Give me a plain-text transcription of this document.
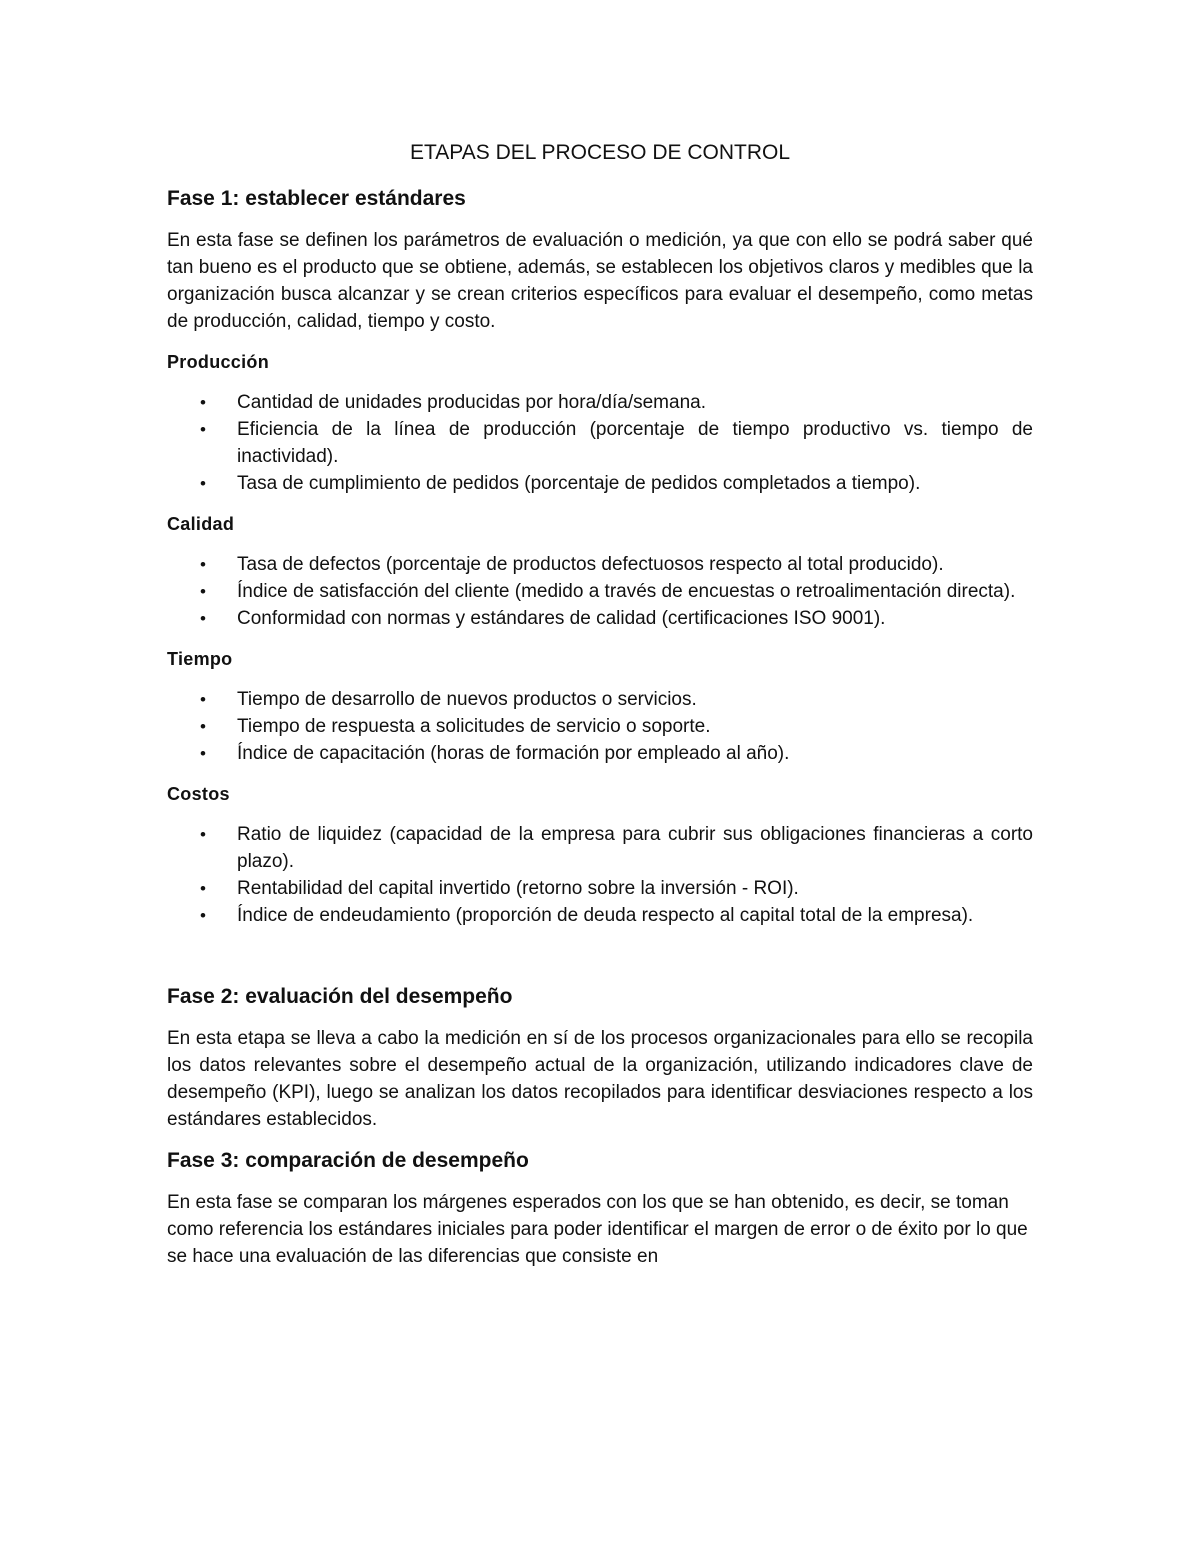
ETAPAS DEL PROCESO DE CONTROL
Fase 1: establecer estándares

En esta fase se definen los parámetros de evaluación o medición, ya que con ello se podrá saber qué tan bueno es el producto que se obtiene, además, se establecen los objetivos claros y medibles que la organización busca alcanzar y se crean criterios específicos para evaluar el desempeño, como metas de producción, calidad, tiempo y costo.

Producción
• Cantidad de unidades producidas por hora/día/semana.
• Eficiencia de la línea de producción (porcentaje de tiempo productivo vs. tiempo de inactividad).
• Tasa de cumplimiento de pedidos (porcentaje de pedidos completados a tiempo).
Calidad
• Tasa de defectos (porcentaje de productos defectuosos respecto al total producido).
• Índice de satisfacción del cliente (medido a través de encuestas o retroalimentación directa).
• Conformidad con normas y estándares de calidad (certificaciones ISO 9001).
Tiempo
• Tiempo de desarrollo de nuevos productos o servicios.
• Tiempo de respuesta a solicitudes de servicio o soporte.
• Índice de capacitación (horas de formación por empleado al año).
Costos
• Ratio de liquidez (capacidad de la empresa para cubrir sus obligaciones financieras a corto plazo).
• Rentabilidad del capital invertido (retorno sobre la inversión - ROI).
• Índice de endeudamiento (proporción de deuda respecto al capital total de la empresa).
Fase 2: evaluación del desempeño

En esta etapa se lleva a cabo la medición en sí de los procesos organizacionales para ello se recopila los datos relevantes sobre el desempeño actual de la organización, utilizando indicadores clave de desempeño (KPI), luego se analizan los datos recopilados para identificar desviaciones respecto a los estándares establecidos.

Fase 3: comparación de desempeño

En esta fase se comparan los márgenes esperados con los que se han obtenido, es decir, se toman como referencia los estándares iniciales para poder identificar el margen de error o de éxito por lo que se hace una evaluación de las diferencias que consiste en
